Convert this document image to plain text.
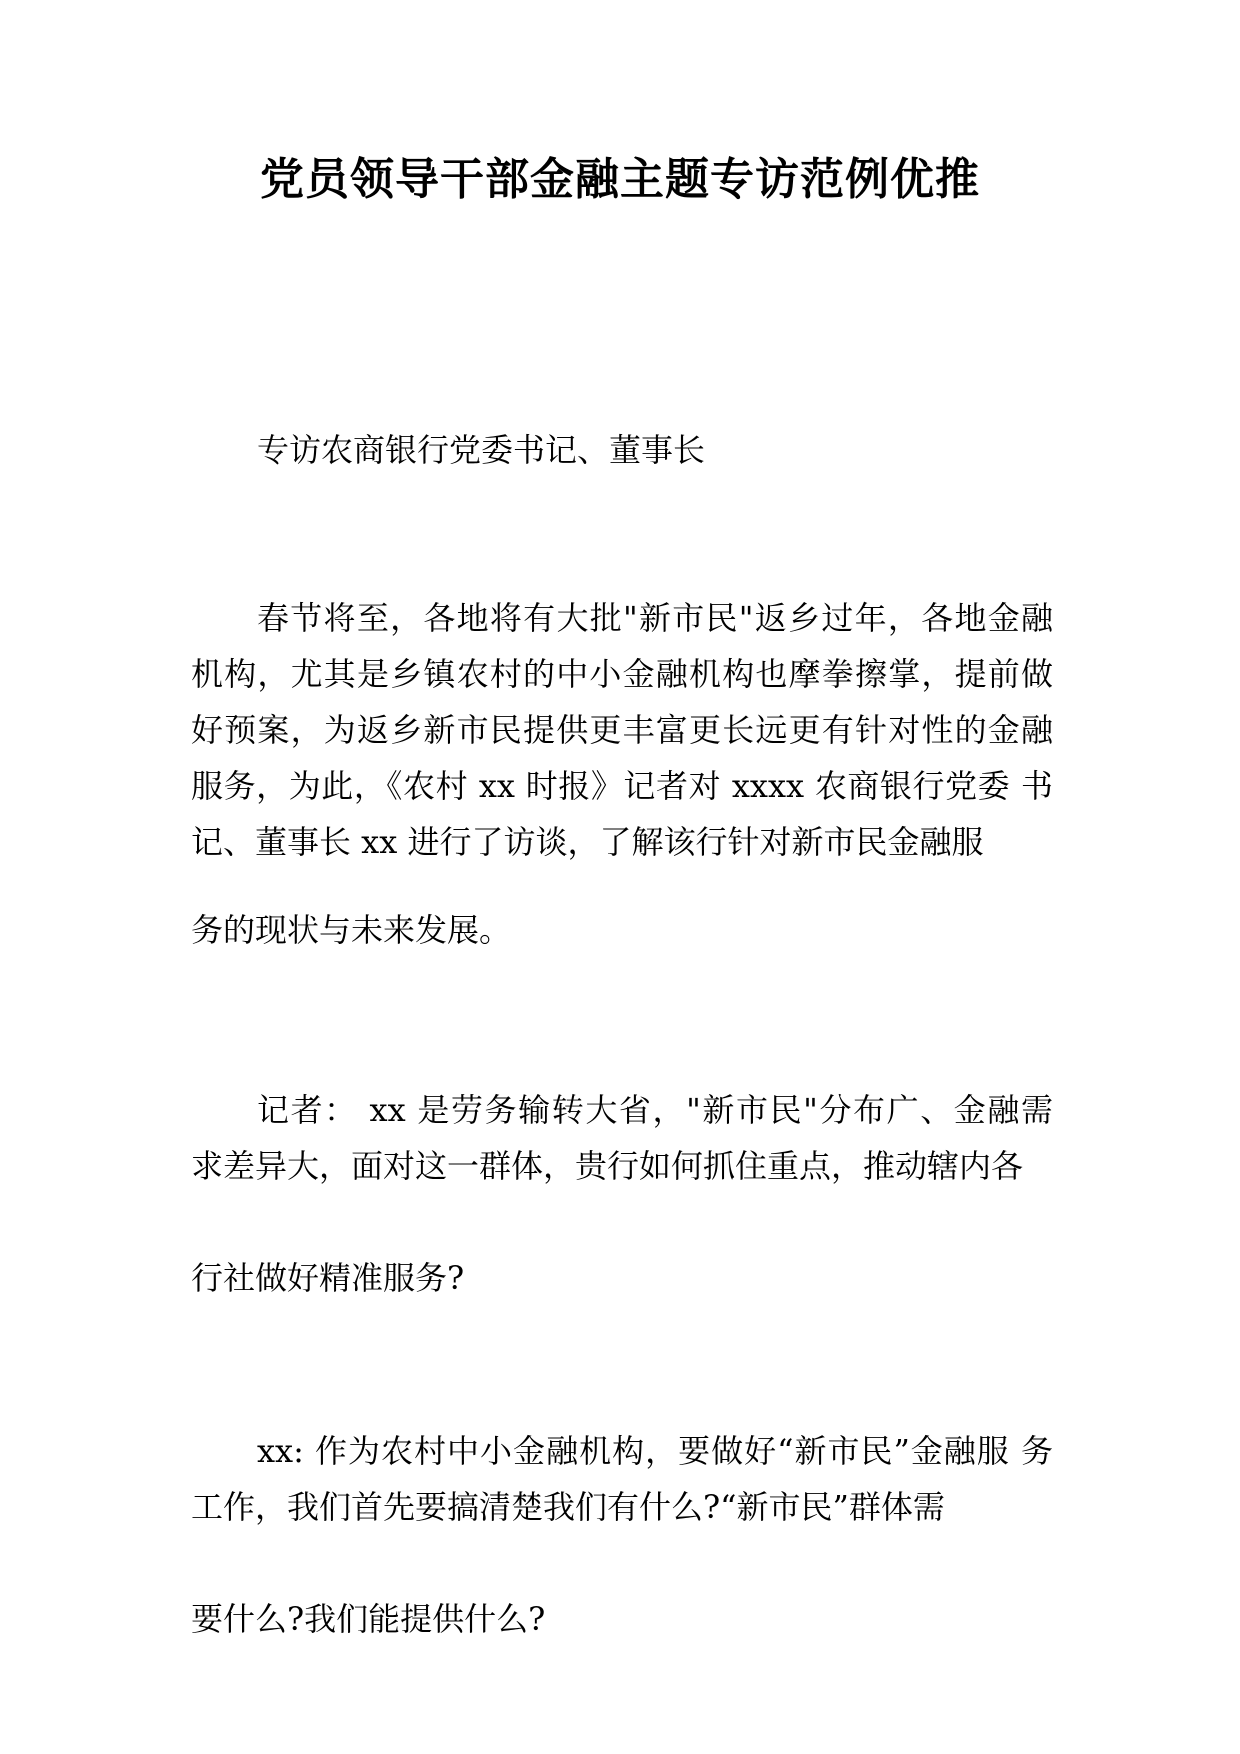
党员领导干部金融主题专访范例优推
专访农商银行党委书记、董事长
春节将至，各地将有大批"新市民"返乡过年，各地金融机构，尤其是乡镇农村的中小金融机构也摩拳擦掌，提前做好预案，为返乡新市民提供更丰富更长远更有针对性的金融服务，为此，《农村 xx 时报》记者对 xxxx 农商银行党委 书记、董事长 xx 进行了访谈，了解该行针对新市民金融服
务的现状与未来发展。
记者： xx 是劳务输转大省，"新市民"分布广、金融需 求差异大，面对这一群体，贵行如何抓住重点，推动辖内各
行社做好精准服务?
xx: 作为农村中小金融机构，要做好“新市民”金融服 务工作，我们首先要搞清楚我们有什么?“新市民”群体需
要什么?我们能提供什么?
